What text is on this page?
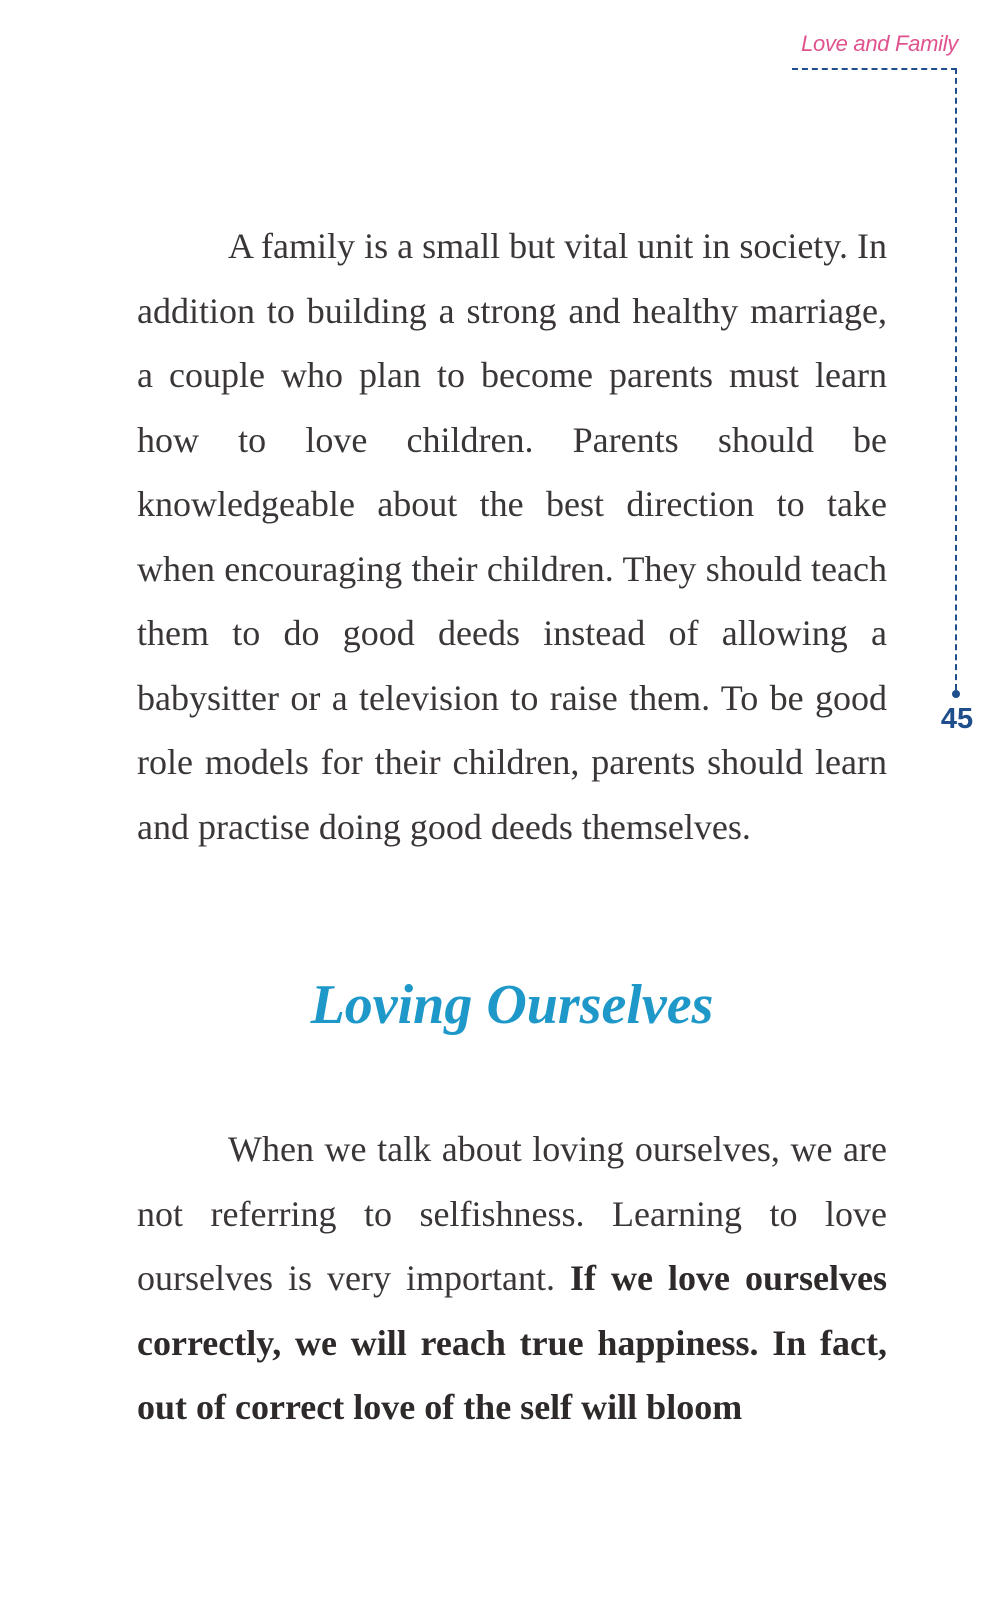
Love and Family
45

A family is a small but vital unit in society. In addition to building a strong and healthy marriage, a couple who plan to become parents must learn how to love children. Parents should be knowledgeable about the best direction to take when encouraging their children. They should teach them to do good deeds instead of allowing a babysitter or a television to raise them. To be good role models for their children, parents should learn and practise doing good deeds themselves.

Loving Ourselves

When we talk about loving ourselves, we are not referring to selfishness. Learning to love ourselves is very important. If we love ourselves correctly, we will reach true happiness. In fact, out of correct love of the self will bloom
